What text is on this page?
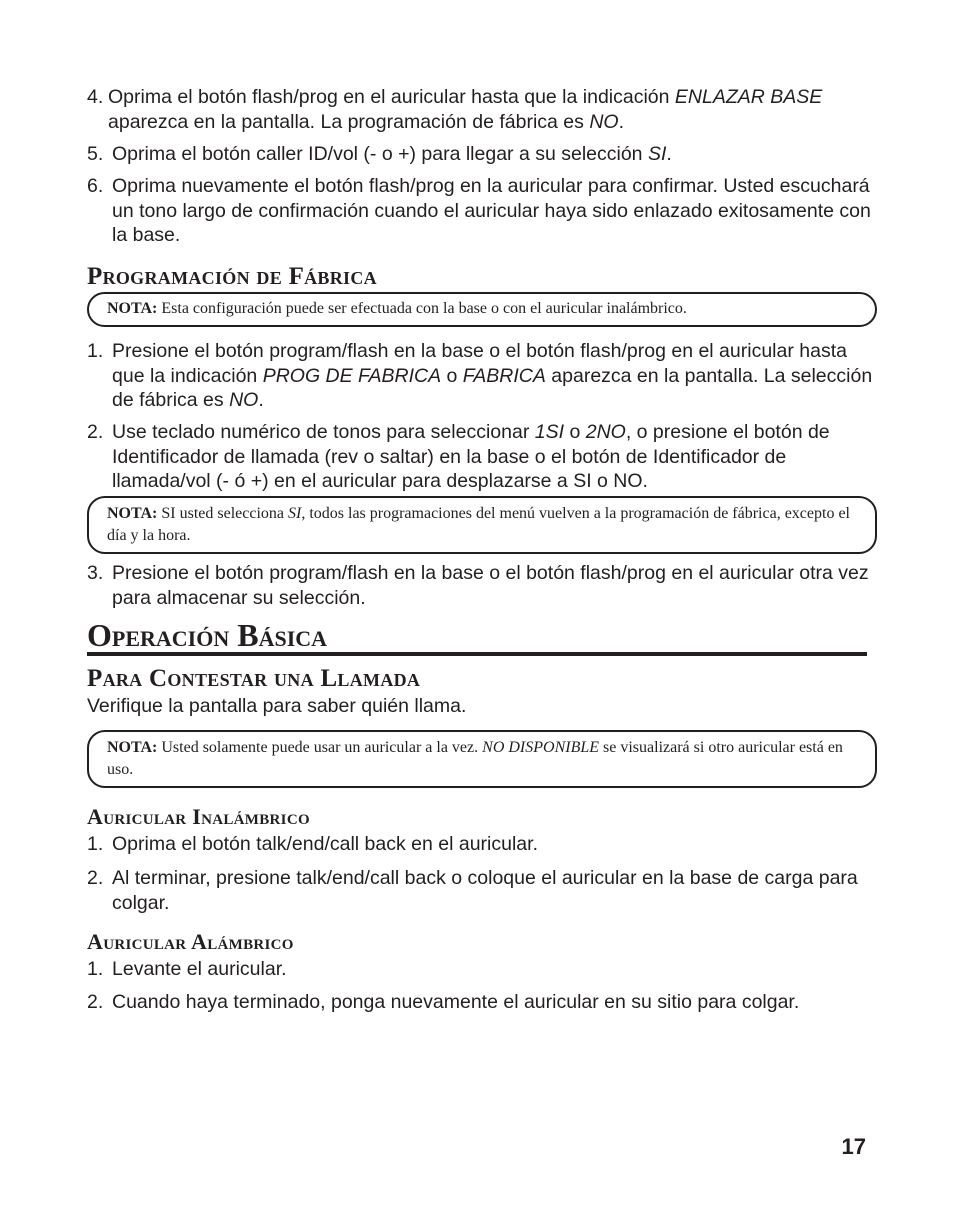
4. Oprima el botón flash/prog en el auricular hasta que la indicación ENLAZAR BASE aparezca en la pantalla. La programación de fábrica es NO.
5. Oprima el botón caller ID/vol (- o +) para llegar a su selección SI.
6. Oprima nuevamente el botón flash/prog en la auricular para confirmar. Usted escuchará un tono largo de confirmación cuando el auricular haya sido enlazado exitosamente con la base.
Programación de Fábrica
NOTA: Esta configuración puede ser efectuada con la base o con el auricular inalámbrico.
1. Presione el botón program/flash en la base o el botón flash/prog en el auricular hasta que la indicación PROG DE FABRICA o FABRICA aparezca en la pantalla. La selección de fábrica es NO.
2. Use teclado numérico de tonos para seleccionar 1SI o 2NO, o presione el botón de Identificador de llamada (rev o saltar) en la base o el botón de Identificador de llamada/vol (- ó +) en el auricular para desplazarse a SI o NO.
NOTA: SI usted selecciona SI, todos las programaciones del menú vuelven a la programación de fábrica, excepto el día y la hora.
3. Presione el botón program/flash en la base o el botón flash/prog en el auricular otra vez para almacenar su selección.
Operación Básica
Para Contestar una Llamada
Verifique la pantalla para saber quién llama.
NOTA: Usted solamente puede usar un auricular a la vez. NO DISPONIBLE se visualizará si otro auricular está en uso.
Auricular Inalámbrico
1. Oprima el botón talk/end/call back en el auricular.
2. Al terminar, presione talk/end/call back o coloque el auricular en la base de carga para colgar.
Auricular Alámbrico
1. Levante el auricular.
2. Cuando haya terminado, ponga nuevamente el auricular en su sitio para colgar.
17
